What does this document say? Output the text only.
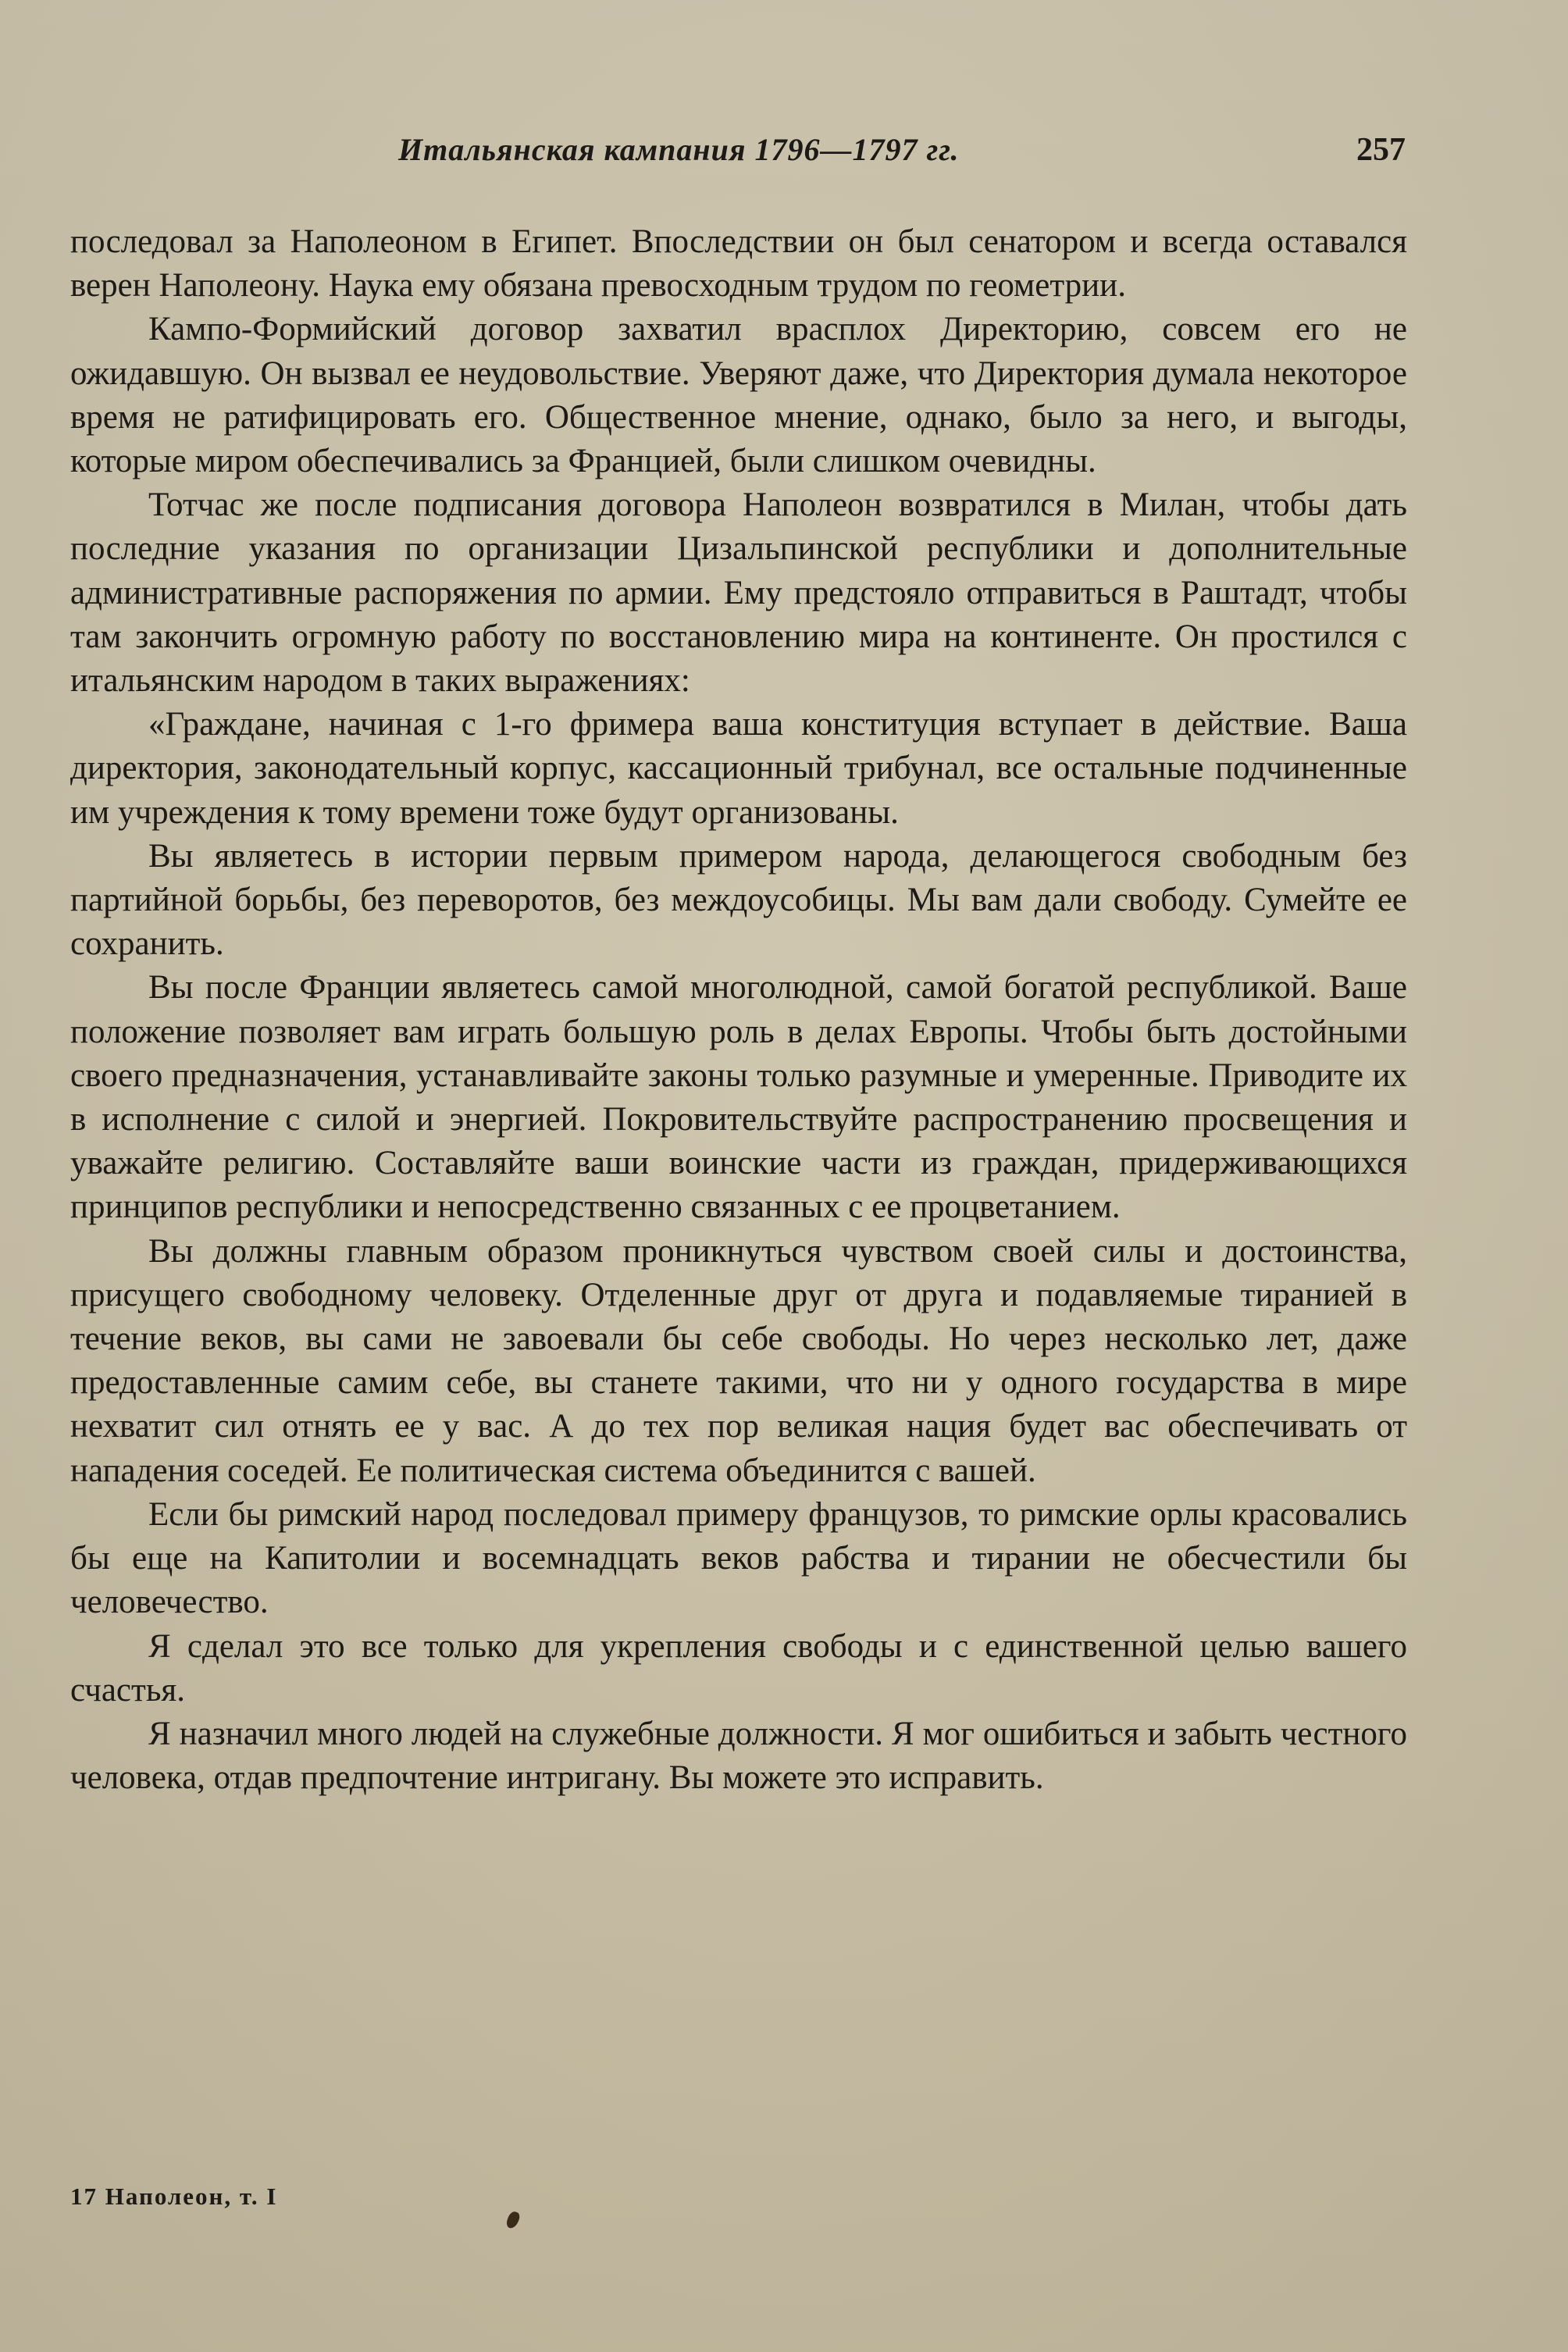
Итальянская кампания 1796—1797 гг.	257

последовал за Наполеоном в Египет. Впоследствии он был сенатором и всегда оставался верен Наполеону. Наука ему обязана превосходным трудом по геометрии.

Кампо-Формийский договор захватил врасплох Директорию, совсем его не ожидавшую. Он вызвал ее неудовольствие. Уверяют даже, что Директория думала некоторое время не ратифицировать его. Общественное мнение, однако, было за него, и выгоды, которые миром обеспечивались за Францией, были слишком очевидны.

Тотчас же после подписания договора Наполеон возвратился в Милан, чтобы дать последние указания по организации Цизальпинской республики и дополнительные административные распоряжения по армии. Ему предстояло отправиться в Раштадт, чтобы там закончить огромную работу по восстановлению мира на континенте. Он простился с итальянским народом в таких выражениях:

«Граждане, начиная с 1-го фримера ваша конституция вступает в действие. Ваша директория, законодательный корпус, кассационный трибунал, все остальные подчиненные им учреждения к тому времени тоже будут организованы.

Вы являетесь в истории первым примером народа, делающегося свободным без партийной борьбы, без переворотов, без междоусобицы. Мы вам дали свободу. Сумейте ее сохранить.

Вы после Франции являетесь самой многолюдной, самой богатой республикой. Ваше положение позволяет вам играть большую роль в делах Европы. Чтобы быть достойными своего предназначения, устанавливайте законы только разумные и умеренные. Приводите их в исполнение с силой и энергией. Покровительствуйте распространению просвещения и уважайте религию. Составляйте ваши воинские части из граждан, придерживающихся принципов республики и непосредственно связанных с ее процветанием.

Вы должны главным образом проникнуться чувством своей силы и достоинства, присущего свободному человеку. Отделенные друг от друга и подавляемые тиранией в течение веков, вы сами не завоевали бы себе свободы. Но через несколько лет, даже предоставленные самим себе, вы станете такими, что ни у одного государства в мире нехватит сил отнять ее у вас. А до тех пор великая нация будет вас обеспечивать от нападения соседей. Ее политическая система объединится с вашей.

Если бы римский народ последовал примеру французов, то римские орлы красовались бы еще на Капитолии и восемнадцать веков рабства и тирании не обесчестили бы человечество.

Я сделал это все только для укрепления свободы и с единственной целью вашего счастья.

Я назначил много людей на служебные должности. Я мог ошибиться и забыть честного человека, отдав предпочтение интригану. Вы можете это исправить.

17 Наполеон, т. I
